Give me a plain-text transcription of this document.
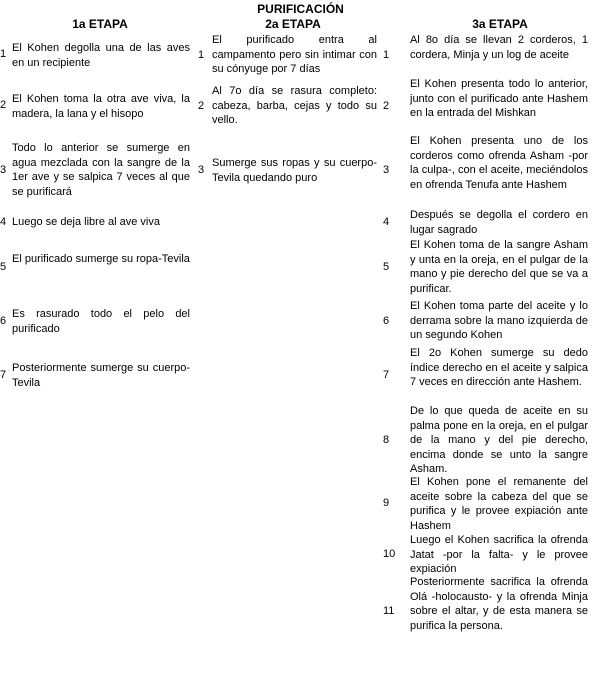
PURIFICACIÓN
1a ETAPA	2a ETAPA	3a ETAPA
1 El Kohen degolla una de las aves en un recipiente
2 El Kohen toma la otra ave viva, la madera, la lana y el hisopo
3
Todo lo anterior se sumerge en agua mezclada con la sangre de la 1er ave y se salpica 7 veces al que se purificará
4 Luego se deja libre al ave viva
5
El purificado sumerge su ropa-Tevila
6
Es rasurado todo el pelo del purificado
7
Posteriormente sumerge su cuerpo-Tevila
1
El purificado entra al campamento pero sin intimar con su cónyuge por 7 días
2
Al 7o día se rasura completo: cabeza, barba, cejas y todo su vello.
3
Sumerge sus ropas y su cuerpo-Tevila quedando puro
1
Al 8o día se llevan 2 corderos, 1 cordera, Minja y un log de aceite
2
El Kohen presenta todo lo anterior, junto con el purificado ante Hashem en la entrada del Mishkan
3
El Kohen presenta uno de los corderos como ofrenda Asham -por la culpa-, con el aceite, meciéndolos en ofrenda Tenufa ante Hashem
4
Después se degolla el cordero en lugar sagrado
5
El Kohen toma de la sangre Asham y unta en la oreja, en el pulgar de la mano y pie derecho del que se va a purificar.
6
El Kohen toma parte del aceite y lo derrama sobre la mano izquierda de un segundo Kohen
7
El 2o Kohen sumerge su dedo índice derecho en el aceite y salpica 7 veces en dirección ante Hashem.
8
De lo que queda de aceite en su palma pone en la oreja, en el pulgar de la mano y del pie derecho, encima donde se unto la sangre Asham.
9
El Kohen pone el remanente del aceite sobre la cabeza del que se purifica y le provee expiación ante Hashem
10
Luego el Kohen sacrifica la ofrenda Jatat -por la falta- y le provee expiación
11
Posteriormente sacrifica la ofrenda Olá -holocausto- y la ofrenda Minja sobre el altar, y de esta manera se purifica la persona.
